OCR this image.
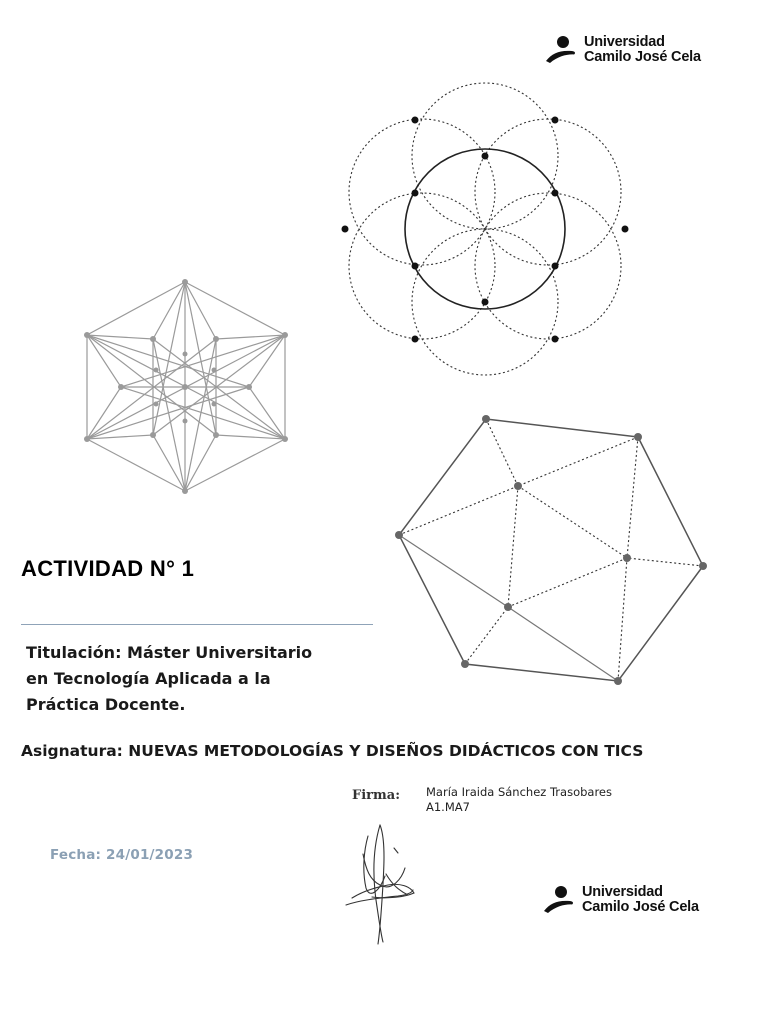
Universidad
Camilo José Cela
ACTIVIDAD N° 1
Titulación: Máster Universitario
en Tecnología Aplicada a la
Práctica Docente.
Asignatura: NUEVAS METODOLOGÍAS Y DISEÑOS DIDÁCTICOS CON TICS
Firma: María Iraida Sánchez Trasobares
A1.MA7
Fecha: 24/01/2023
Universidad
Camilo José Cela
